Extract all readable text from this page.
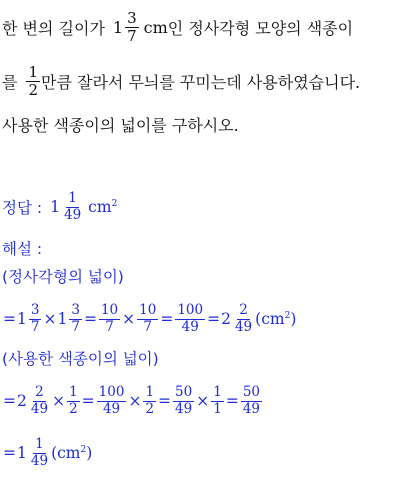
한 변의 길이가 $1 \frac{3}{7}$ cm 인 정사각형 모양의 색종이
를 $\frac{1}{2}$ 만큼 잘라서 무늬를 꾸미는데 사용하였습니다.
사용한 색종이의 넓이를 구하시오.
정답 : $1 \frac{1}{49} cm^2$
해설 :
(정사각형의 넓이)
= $1 \frac{3}{7} \times 1 \frac{3}{7} = \frac{10}{7} \times \frac{10}{7} = \frac{100}{49} = 2 \frac{2}{49} (cm^2)$
(사용한 색종이의 넓이)
= $2 \frac{2}{49} \times \frac{1}{2} = \frac{100}{49} \times \frac{1}{2} = \frac{50}{49} \times \frac{1}{1} = \frac{50}{49}$
= $1 \frac{1}{49} (cm^2)$
